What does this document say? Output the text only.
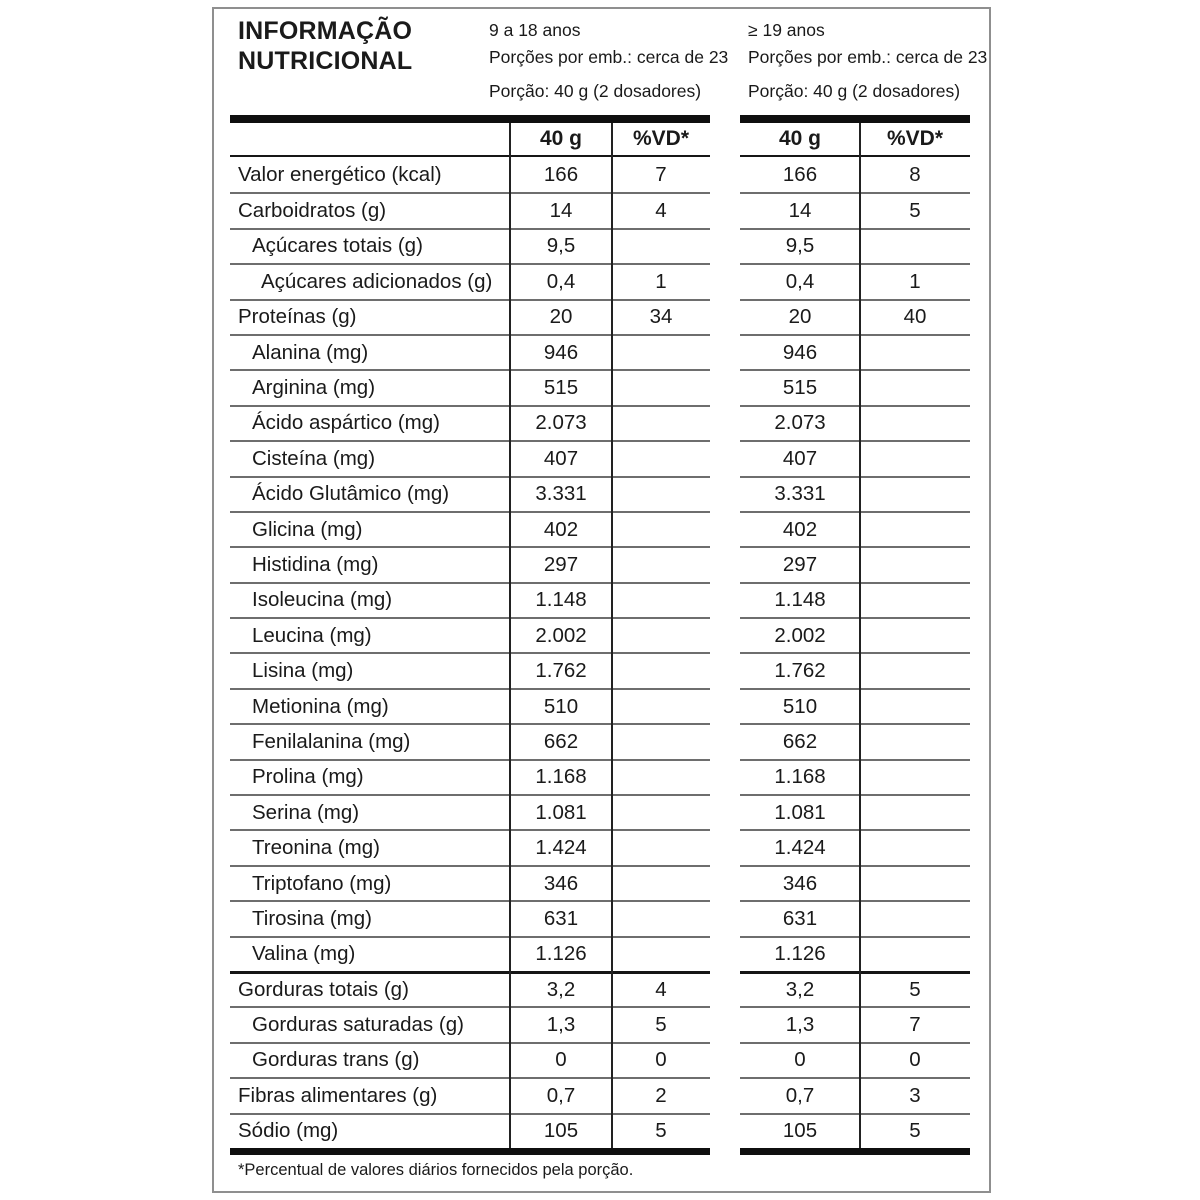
INFORMAÇÃO NUTRICIONAL
9 a 18 anos
Porções por emb.: cerca de 23
Porção: 40 g (2 dosadores)
≥ 19 anos
Porções por emb.: cerca de 23
Porção: 40 g (2 dosadores)
40 g	%VD*
Valor energético (kcal)	166	7
Carboidratos (g)	14	4
Açúcares totais (g)	9,5
Açúcares adicionados (g)	0,4	1
Proteínas (g)	20	34
Alanina (mg)	946
Arginina (mg)	515
Ácido aspártico (mg)	2.073
Cisteína (mg)	407
Ácido Glutâmico (mg)	3.331
Glicina (mg)	402
Histidina (mg)	297
Isoleucina (mg)	1.148
Leucina (mg)	2.002
Lisina (mg)	1.762
Metionina (mg)	510
Fenilalanina (mg)	662
Prolina (mg)	1.168
Serina (mg)	1.081
Treonina (mg)	1.424
Triptofano (mg)	346
Tirosina (mg)	631
Valina (mg)	1.126
Gorduras totais (g)	3,2	4
Gorduras saturadas (g)	1,3	5
Gorduras trans (g)	0	0
Fibras alimentares (g)	0,7	2
Sódio (mg)	105	5
40 g	%VD*
166	8
14	5
9,5
0,4	1
20	40
946
515
2.073
407
3.331
402
297
1.148
2.002
1.762
510
662
1.168
1.081
1.424
346
631
1.126
3,2	5
1,3	7
0	0
0,7	3
105	5
*Percentual de valores diários fornecidos pela porção.
